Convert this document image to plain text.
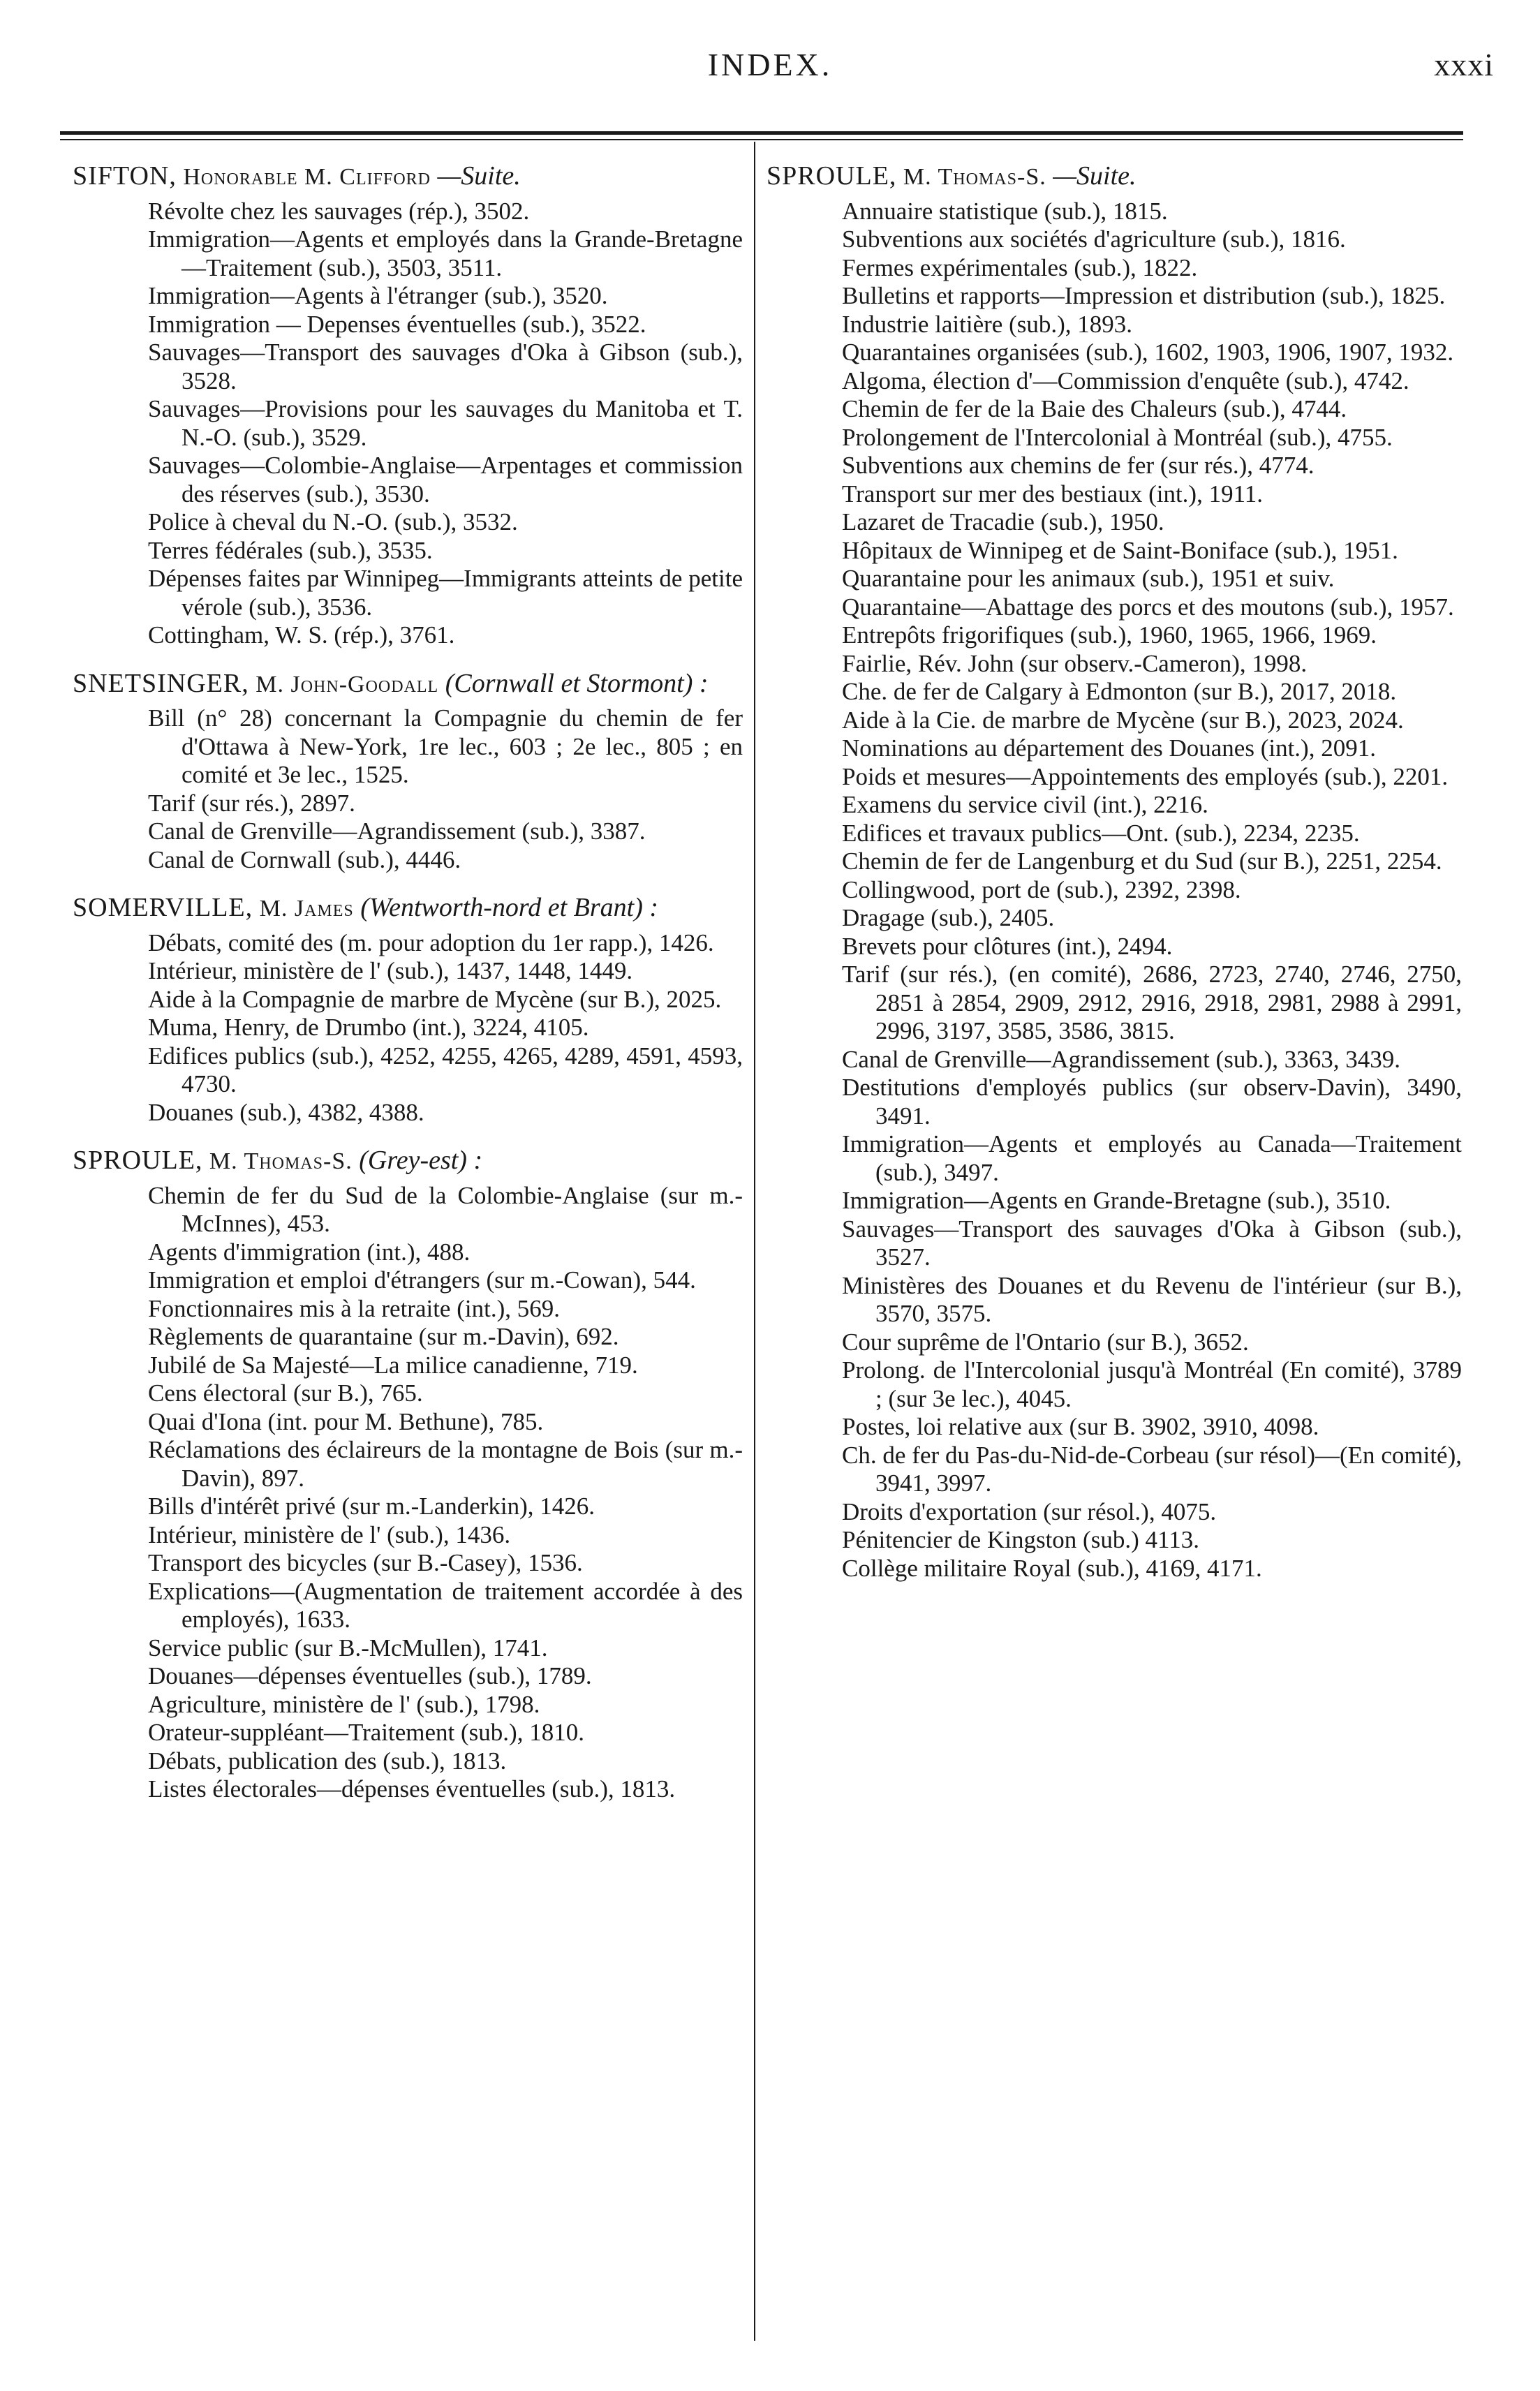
INDEX.	xxxi
SIFTON, Honorable M. Clifford —Suite.
Révolte chez les sauvages (rép.), 3502.
Immigration—Agents et employés dans la Grande-Bretagne—Traitement (sub.), 3503, 3511.
Immigration—Agents à l'étranger (sub.), 3520.
Immigration — Depenses éventuelles (sub.), 3522.
Sauvages—Transport des sauvages d'Oka à Gibson (sub.), 3528.
Sauvages—Provisions pour les sauvages du Manitoba et T. N.-O. (sub.), 3529.
Sauvages—Colombie-Anglaise—Arpentages et commission des réserves (sub.), 3530.
Police à cheval du N.-O. (sub.), 3532.
Terres fédérales (sub.), 3535.
Dépenses faites par Winnipeg—Immigrants atteints de petite vérole (sub.), 3536.
Cottingham, W. S. (rép.), 3761.
SNETSINGER, M. John-Goodall (Cornwall et Stormont) :
Bill (n° 28) concernant la Compagnie du chemin de fer d'Ottawa à New-York, 1re lec., 603 ; 2e lec., 805 ; en comité et 3e lec., 1525.
Tarif (sur rés.), 2897.
Canal de Grenville—Agrandissement (sub.), 3387.
Canal de Cornwall (sub.), 4446.
SOMERVILLE, M. James (Wentworth-nord et Brant) :
Débats, comité des (m. pour adoption du 1er rapp.), 1426.
Intérieur, ministère de l' (sub.), 1437, 1448, 1449.
Aide à la Compagnie de marbre de Mycène (sur B.), 2025.
Muma, Henry, de Drumbo (int.), 3224, 4105.
Edifices publics (sub.), 4252, 4255, 4265, 4289, 4591, 4593, 4730.
Douanes (sub.), 4382, 4388.
SPROULE, M. Thomas-S. (Grey-est) :
Chemin de fer du Sud de la Colombie-Anglaise (sur m.-McInnes), 453.
Agents d'immigration (int.), 488.
Immigration et emploi d'étrangers (sur m.-Cowan), 544.
Fonctionnaires mis à la retraite (int.), 569.
Règlements de quarantaine (sur m.-Davin), 692.
Jubilé de Sa Majesté—La milice canadienne, 719.
Cens électoral (sur B.), 765.
Quai d'Iona (int. pour M. Bethune), 785.
Réclamations des éclaireurs de la montagne de Bois (sur m.-Davin), 897.
Bills d'intérêt privé (sur m.-Landerkin), 1426.
Intérieur, ministère de l' (sub.), 1436.
Transport des bicycles (sur B.-Casey), 1536.
Explications—(Augmentation de traitement accordée à des employés), 1633.
Service public (sur B.-McMullen), 1741.
Douanes—dépenses éventuelles (sub.), 1789.
Agriculture, ministère de l' (sub.), 1798.
Orateur-suppléant—Traitement (sub.), 1810.
Débats, publication des (sub.), 1813.
Listes électorales—dépenses éventuelles (sub.), 1813.
SPROULE, M. Thomas-S. —Suite.
Annuaire statistique (sub.), 1815.
Subventions aux sociétés d'agriculture (sub.), 1816.
Fermes expérimentales (sub.), 1822.
Bulletins et rapports—Impression et distribution (sub.), 1825.
Industrie laitière (sub.), 1893.
Quarantaines organisées (sub.), 1602, 1903, 1906, 1907, 1932.
Algoma, élection d'—Commission d'enquête (sub.), 4742.
Chemin de fer de la Baie des Chaleurs (sub.), 4744.
Prolongement de l'Intercolonial à Montréal (sub.), 4755.
Subventions aux chemins de fer (sur rés.), 4774.
Transport sur mer des bestiaux (int.), 1911.
Lazaret de Tracadie (sub.), 1950.
Hôpitaux de Winnipeg et de Saint-Boniface (sub.), 1951.
Quarantaine pour les animaux (sub.), 1951 et suiv.
Quarantaine—Abattage des porcs et des moutons (sub.), 1957.
Entrepôts frigorifiques (sub.), 1960, 1965, 1966, 1969.
Fairlie, Rév. John (sur observ.-Cameron), 1998.
Che. de fer de Calgary à Edmonton (sur B.), 2017, 2018.
Aide à la Cie. de marbre de Mycène (sur B.), 2023, 2024.
Nominations au département des Douanes (int.), 2091.
Poids et mesures—Appointements des employés (sub.), 2201.
Examens du service civil (int.), 2216.
Edifices et travaux publics—Ont. (sub.), 2234, 2235.
Chemin de fer de Langenburg et du Sud (sur B.), 2251, 2254.
Collingwood, port de (sub.), 2392, 2398.
Dragage (sub.), 2405.
Brevets pour clôtures (int.), 2494.
Tarif (sur rés.), (en comité), 2686, 2723, 2740, 2746, 2750, 2851 à 2854, 2909, 2912, 2916, 2918, 2981, 2988 à 2991, 2996, 3197, 3585, 3586, 3815.
Canal de Grenville—Agrandissement (sub.), 3363, 3439.
Destitutions d'employés publics (sur observ-Davin), 3490, 3491.
Immigration—Agents et employés au Canada—Traitement (sub.), 3497.
Immigration—Agents en Grande-Bretagne (sub.), 3510.
Sauvages—Transport des sauvages d'Oka à Gibson (sub.), 3527.
Ministères des Douanes et du Revenu de l'intérieur (sur B.), 3570, 3575.
Cour suprême de l'Ontario (sur B.), 3652.
Prolong. de l'Intercolonial jusqu'à Montréal (En comité), 3789 ; (sur 3e lec.), 4045.
Postes, loi relative aux (sur B. 3902, 3910, 4098.
Ch. de fer du Pas-du-Nid-de-Corbeau (sur résol)—(En comité), 3941, 3997.
Droits d'exportation (sur résol.), 4075.
Pénitencier de Kingston (sub.) 4113.
Collège militaire Royal (sub.), 4169, 4171.
